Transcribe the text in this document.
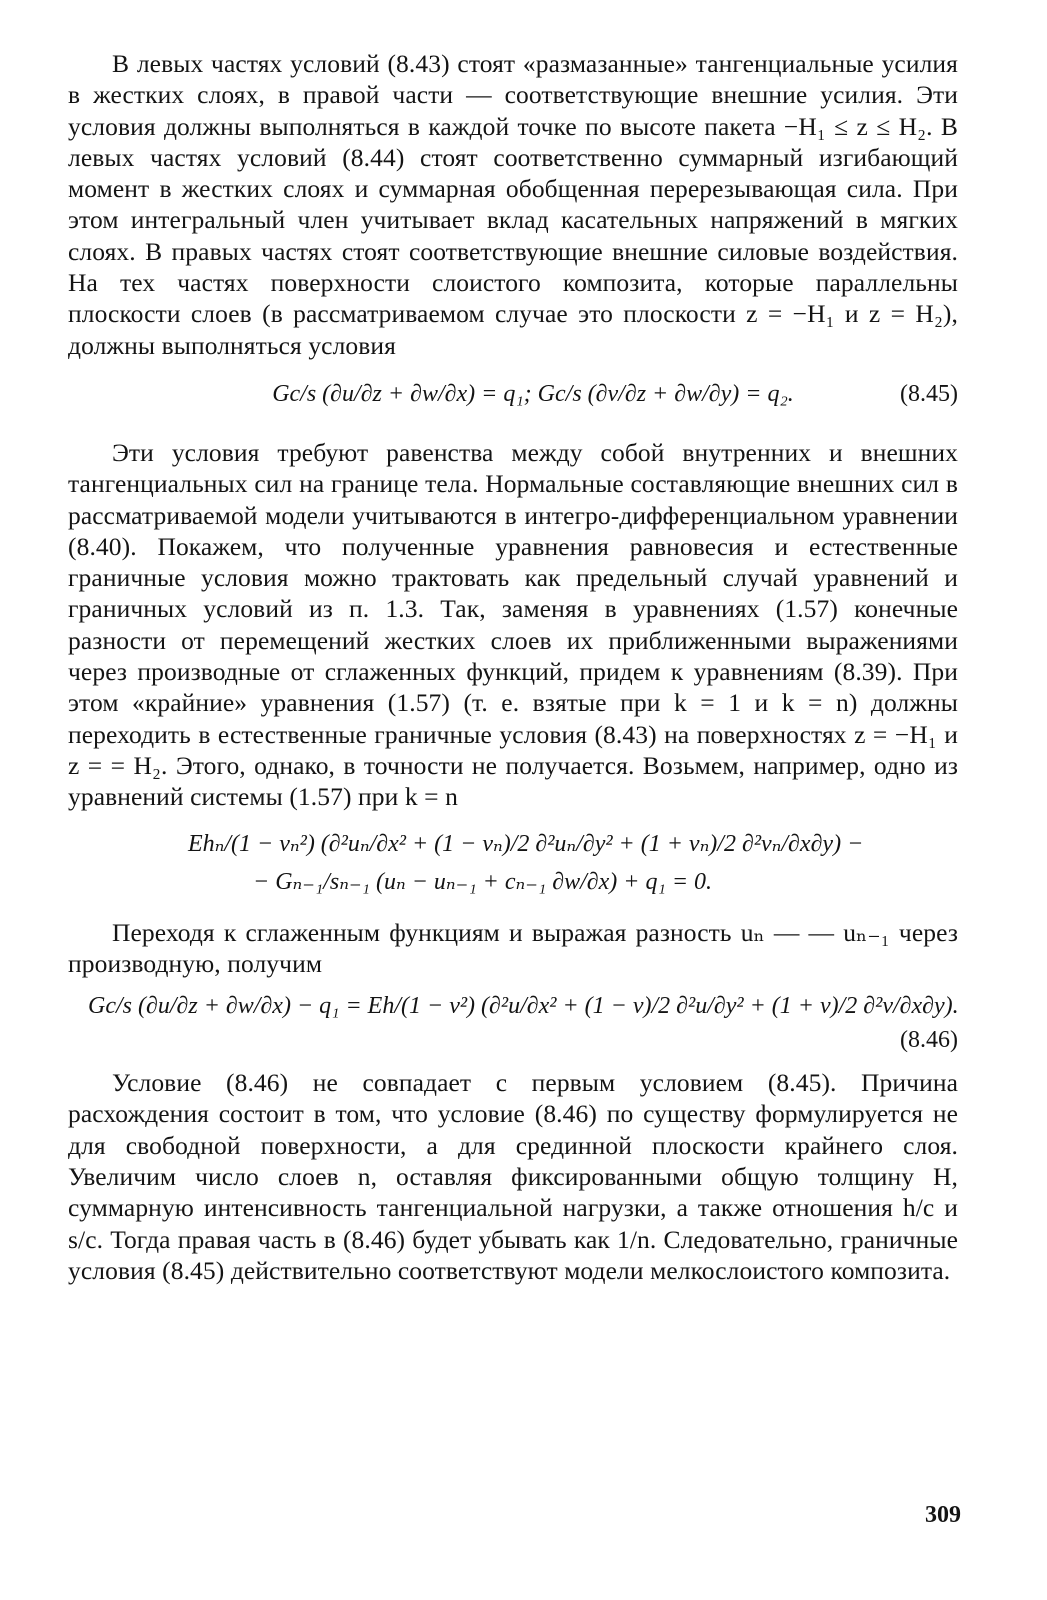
В левых частях условий (8.43) стоят «размазанные» тангенциальные усилия в жестких слоях, в правой части — соответствующие внешние усилия. Эти условия должны выполняться в каждой точке по высоте пакета −H₁ ≤ z ≤ H₂. В левых частях условий (8.44) стоят соответственно суммарный изгибающий момент в жестких слоях и суммарная обобщенная перерезывающая сила. При этом интегральный член учитывает вклад касательных напряжений в мягких слоях. В правых частях стоят соответствующие внешние силовые воздействия. На тех частях поверхности слоистого композита, которые параллельны плоскости слоев (в рассматриваемом случае это плоскости z = −H₁ и z = H₂), должны выполняться условия

Gc/s (∂u/∂z + ∂w/∂x) = q₁; Gc/s (∂v/∂z + ∂w/∂y) = q₂.	(8.45)

Эти условия требуют равенства между собой внутренних и внешних тангенциальных сил на границе тела. Нормальные составляющие внешних сил в рассматриваемой модели учитываются в интегро-дифференциальном уравнении (8.40). Покажем, что полученные уравнения равновесия и естественные граничные условия можно трактовать как предельный случай уравнений и граничных условий из п. 1.3. Так, заменяя в уравнениях (1.57) конечные разности от перемещений жестких слоев их приближенными выражениями через производные от сглаженных функций, придем к уравнениям (8.39). При этом «крайние» уравнения (1.57) (т. е. взятые при k = 1 и k = n) должны переходить в естественные граничные условия (8.43) на поверхностях z = −H₁ и z = = H₂. Этого, однако, в точности не получается. Возьмем, например, одно из уравнений системы (1.57) при k = n

Ehₙ/(1 − νₙ²) (∂²uₙ/∂x² + (1 − νₙ)/2 ∂²uₙ/∂y² + (1 + νₙ)/2 ∂²vₙ/∂x∂y) −
− Gₙ₋₁/sₙ₋₁ (uₙ − uₙ₋₁ + cₙ₋₁ ∂w/∂x) + q₁ = 0.

Переходя к сглаженным функциям и выражая разность uₙ — — uₙ₋₁ через производную, получим

Gc/s (∂u/∂z + ∂w/∂x) − q₁ = Eh/(1 − ν²) (∂²u/∂x² + (1 − ν)/2 ∂²u/∂y² + (1 + ν)/2 ∂²v/∂x∂y).
(8.46)

Условие (8.46) не совпадает с первым условием (8.45). Причина расхождения состоит в том, что условие (8.46) по существу формулируется не для свободной поверхности, а для срединной плоскости крайнего слоя. Увеличим число слоев n, оставляя фиксированными общую толщину H, суммарную интенсивность тангенциальной нагрузки, а также отношения h/c и s/c. Тогда правая часть в (8.46) будет убывать как 1/n. Следовательно, граничные условия (8.45) действительно соответствуют модели мелкослоистого композита.

309
